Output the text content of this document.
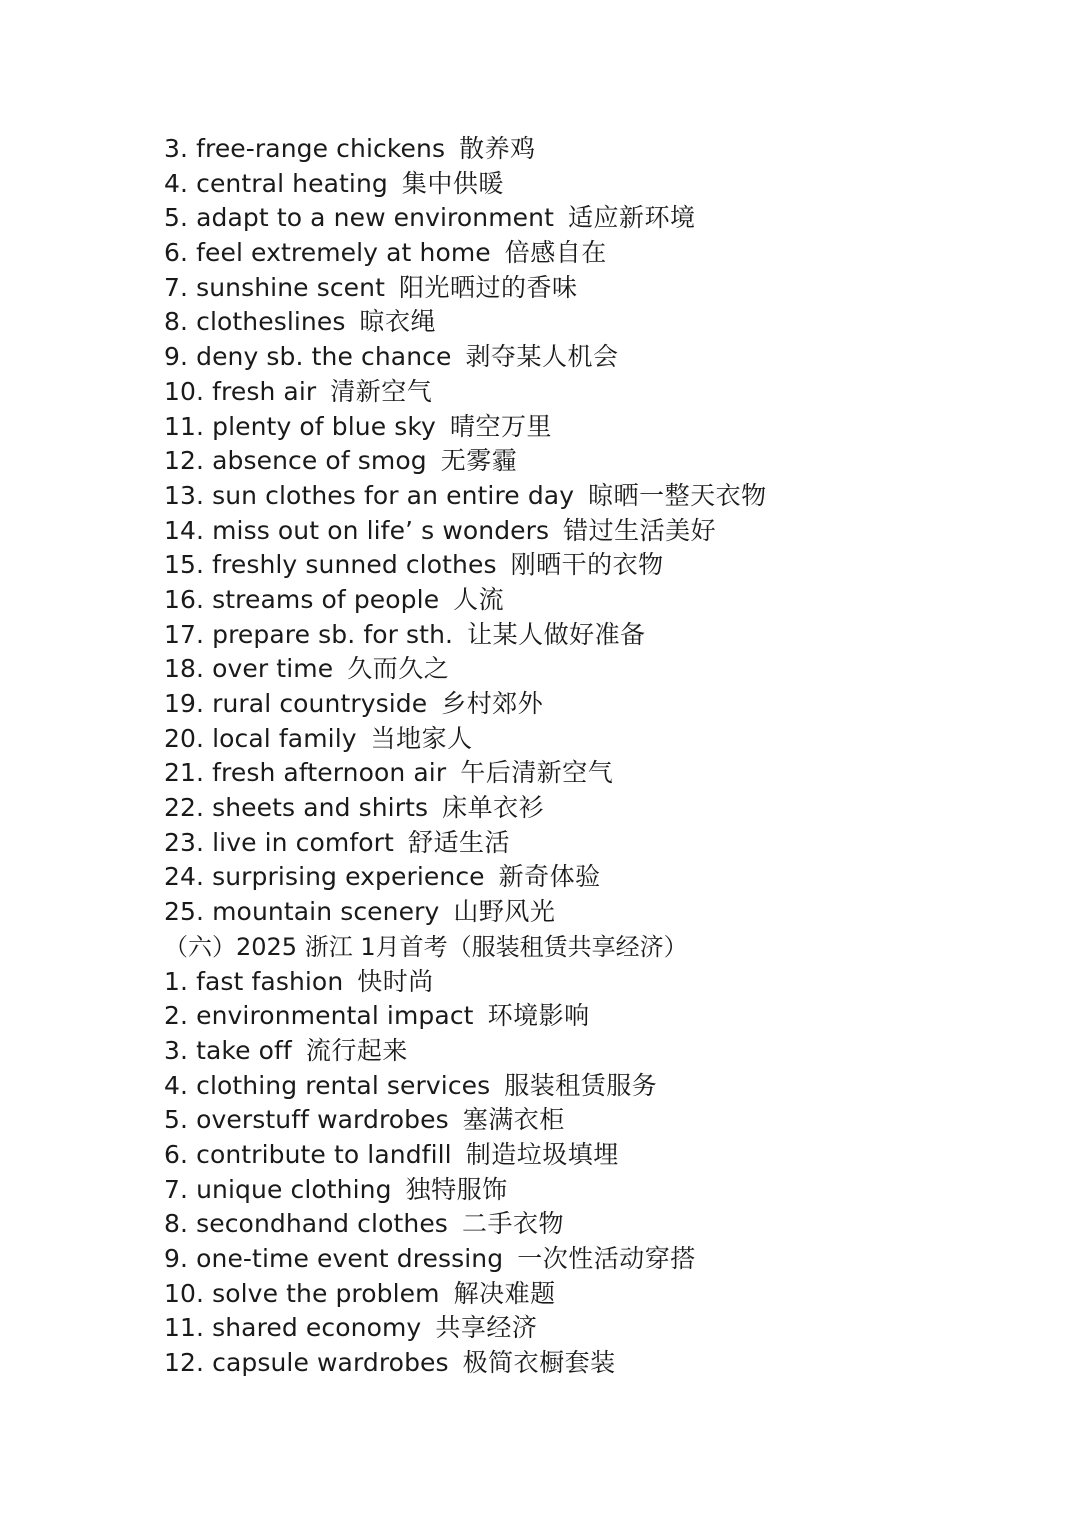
3. free-range chickens 散养鸡
4. central heating 集中供暖
5. adapt to a new environment 适应新环境
6. feel extremely at home 倍感自在
7. sunshine scent 阳光晒过的香味
8. clotheslines 晾衣绳
9. deny sb. the chance 剥夺某人机会
10. fresh air 清新空气
11. plenty of blue sky 晴空万里
12. absence of smog 无雾霾
13. sun clothes for an entire day 晾晒一整天衣物
14. miss out on life’ s wonders 错过生活美好
15. freshly sunned clothes 刚晒干的衣物
16. streams of people 人流
17. prepare sb. for sth. 让某人做好准备
18. over time 久而久之
19. rural countryside 乡村郊外
20. local family 当地家人
21. fresh afternoon air 午后清新空气
22. sheets and shirts 床单衣衫
23. live in comfort 舒适生活
24. surprising experience 新奇体验
25. mountain scenery 山野风光
（六）2025 浙江 1月首考（服装租赁共享经济）
1. fast fashion 快时尚
2. environmental impact 环境影响
3. take off 流行起来
4. clothing rental services 服装租赁服务
5. overstuff wardrobes 塞满衣柜
6. contribute to landfill 制造垃圾填埋
7. unique clothing 独特服饰
8. secondhand clothes 二手衣物
9. one-time event dressing 一次性活动穿搭
10. solve the problem 解决难题
11. shared economy 共享经济
12. capsule wardrobes 极简衣橱套装
